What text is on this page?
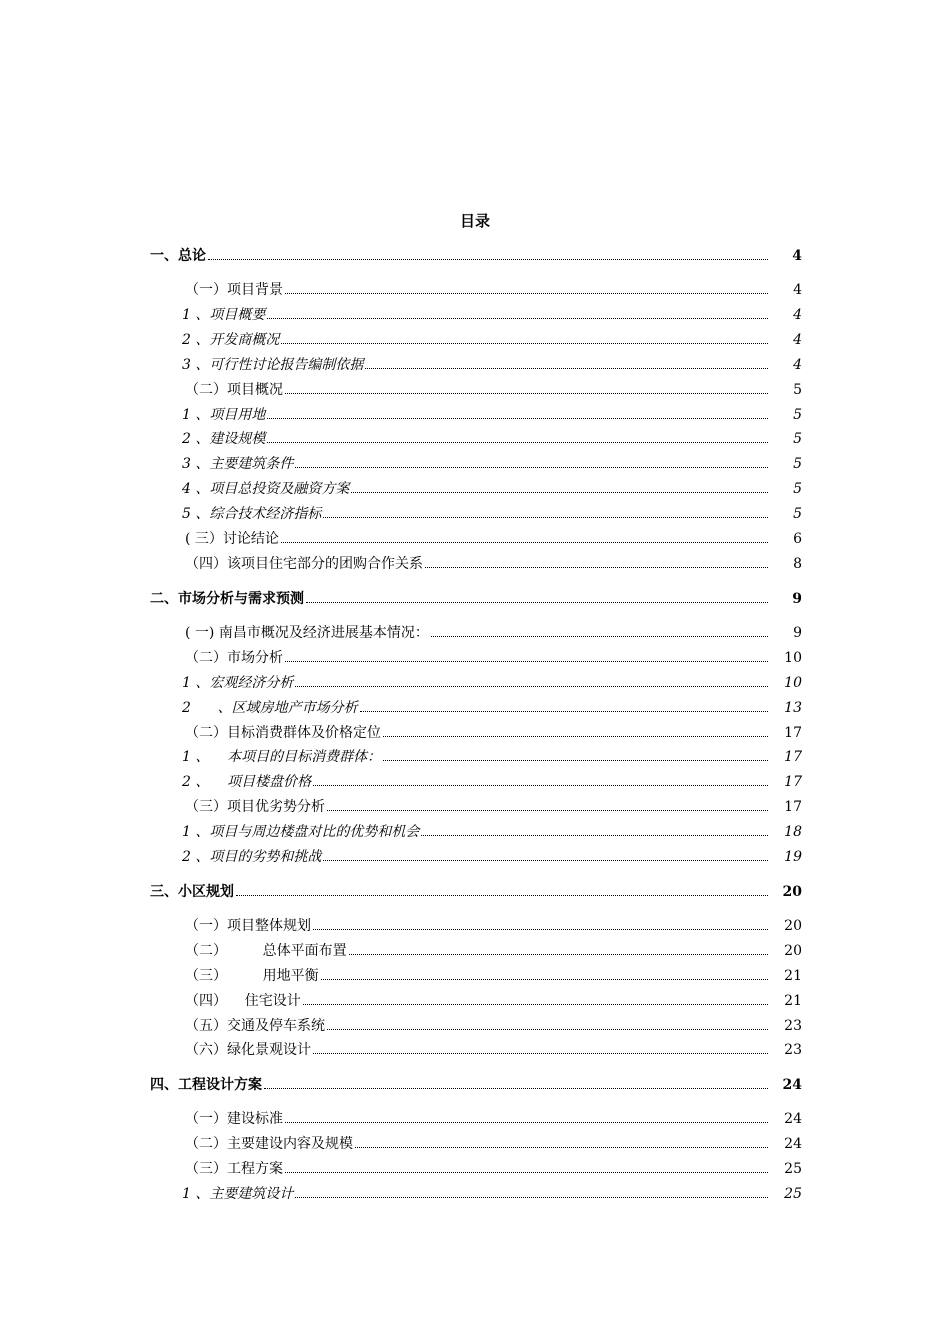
目录
一、总论	4
（一）项目背景	4
1 、项目概要	4
2 、开发商概况	4
3 、可行性讨论报告编制依据	4
（二）项目概况	5
1 、项目用地	5
2 、建设规模	5
3 、主要建筑条件	5
4 、项目总投资及融资方案	5
5 、综合技术经济指标	5
( 三）讨论结论	6
（四）该项目住宅部分的团购合作关系	8
二、市场分析与需求预测	9
( 一) 南昌市概况及经济进展基本情况：	9
（二）市场分析	10
1 、宏观经济分析	10
2      、区域房地产市场分析	13
（二）目标消费群体及价格定位	17
1 、    本项目的目标消费群体：	17
2 、    项目楼盘价格	17
（三）项目优劣势分析	17
1 、项目与周边楼盘对比的优势和机会	18
2 、项目的劣势和挑战	19
三、小区规划	20
（一）项目整体规划	20
（二）        总体平面布置	20
（三）        用地平衡	21
（四）    住宅设计	21
（五）交通及停车系统	23
（六）绿化景观设计	23
四、工程设计方案	24
（一）建设标准	24
（二）主要建设内容及规模	24
（三）工程方案	25
1 、主要建筑设计	25
